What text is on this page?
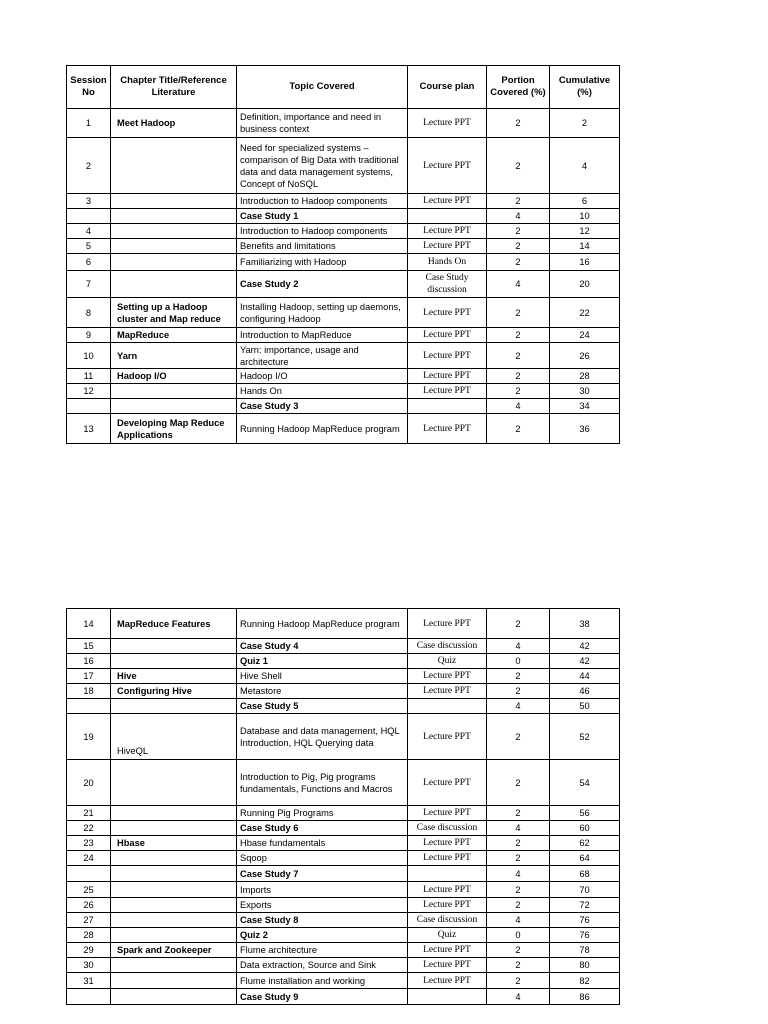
Session No	Chapter Title/Reference Literature	Topic Covered	Course plan	Portion Covered (%)	Cumulative (%)
1	Meet Hadoop	Definition, importance and need in business context	Lecture PPT	2	2
2		Need for specialized systems – comparison of Big Data with traditional data and data management systems, Concept of NoSQL	Lecture PPT	2	4
3		Introduction to Hadoop components	Lecture PPT	2	6
		Case Study 1		4	10
4		Introduction to Hadoop components	Lecture PPT	2	12
5		Benefits and limitations	Lecture PPT	2	14
6		Familiarizing with Hadoop	Hands On	2	16
7		Case Study 2	Case Study discussion	4	20
8	Setting up a Hadoop cluster and Map reduce	Installing Hadoop, setting up daemons, configuring Hadoop	Lecture PPT	2	22
9	MapReduce	Introduction to MapReduce	Lecture PPT	2	24
10	Yarn	Yarn: importance, usage and architecture	Lecture PPT	2	26
11	Hadoop I/O	Hadoop I/O	Lecture PPT	2	28
12		Hands On	Lecture PPT	2	30
		Case Study 3		4	34
13	Developing Map Reduce Applications	Running Hadoop MapReduce program	Lecture PPT	2	36
14	MapReduce Features	Running Hadoop MapReduce program	Lecture PPT	2	38
15		Case Study 4	Case discussion	4	42
16		Quiz 1	Quiz	0	42
17	Hive	Hive Shell	Lecture PPT	2	44
18	Configuring Hive	Metastore	Lecture PPT	2	46
		Case Study 5		4	50
19	HiveQL	Database and data management, HQL Introduction, HQL Querying data	Lecture PPT	2	52
20		Introduction to Pig, Pig programs fundamentals, Functions and Macros	Lecture PPT	2	54
21		Running Pig Programs	Lecture PPT	2	56
22		Case Study 6	Case discussion	4	60
23	Hbase	Hbase fundamentals	Lecture PPT	2	62
24		Sqoop	Lecture PPT	2	64
		Case Study 7		4	68
25		Imports	Lecture PPT	2	70
26		Exports	Lecture PPT	2	72
27		Case Study 8	Case discussion	4	76
28		Quiz 2	Quiz	0	76
29	Spark and Zookeeper	Flume architecture	Lecture PPT	2	78
30		Data extraction, Source and Sink	Lecture PPT	2	80
31		Flume installation and working	Lecture PPT	2	82
		Case Study 9		4	86
